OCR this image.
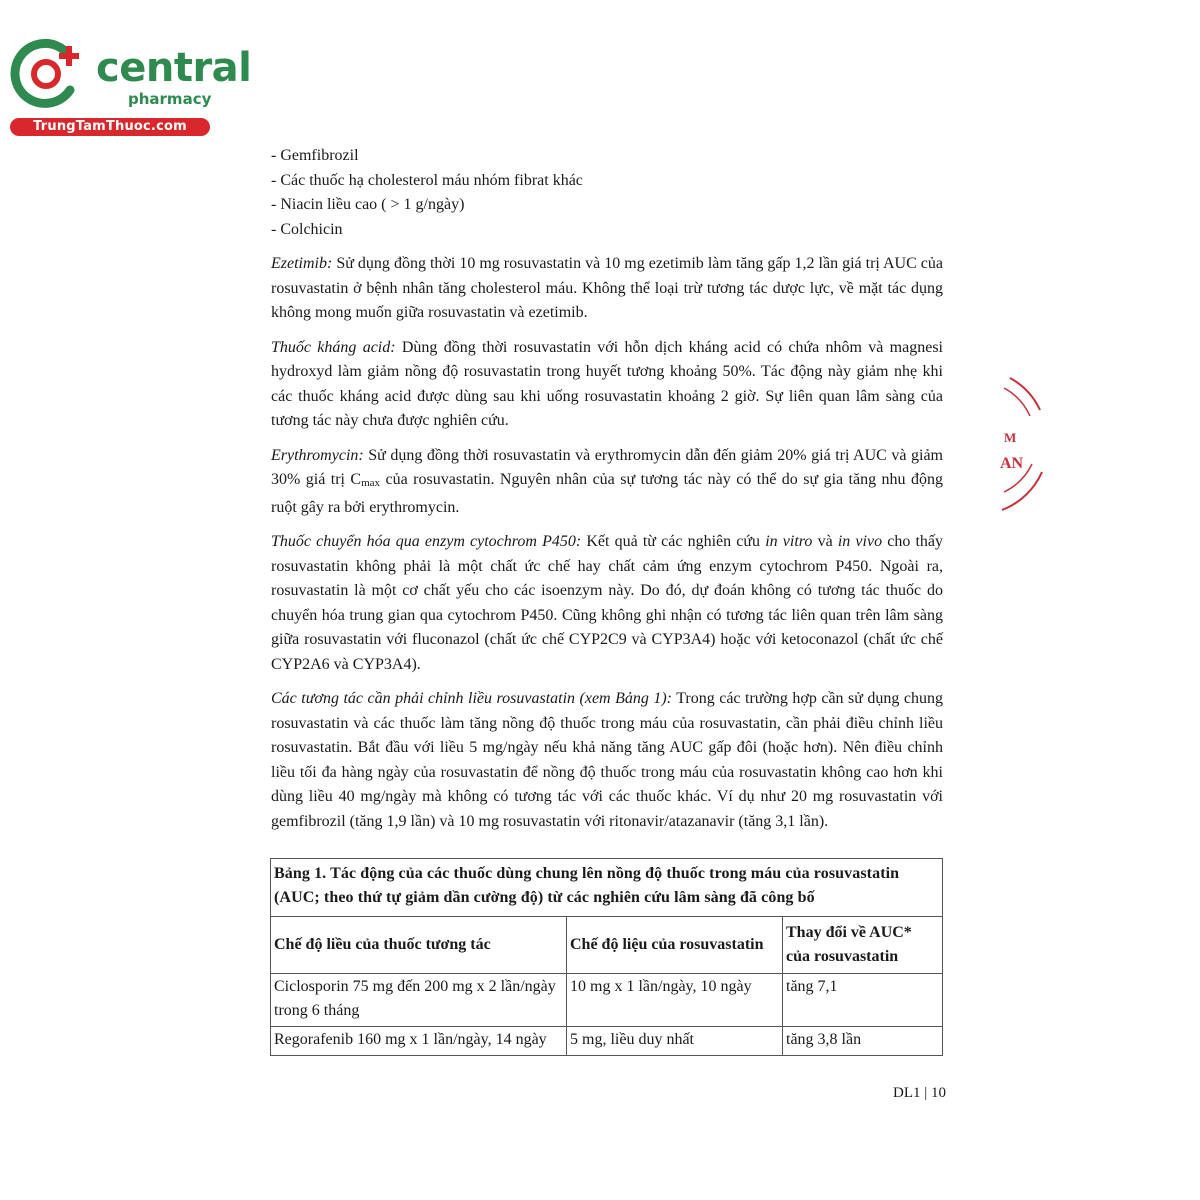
central
pharmacy
TrungTamThuoc.com
- Gemfibrozil
- Các thuốc hạ cholesterol máu nhóm fibrat khác
- Niacin liều cao ( > 1 g/ngày)
- Colchicin

Ezetimib: Sử dụng đồng thời 10 mg rosuvastatin và 10 mg ezetimib làm tăng gấp 1,2 lần giá trị AUC của rosuvastatin ở bệnh nhân tăng cholesterol máu. Không thể loại trừ tương tác dược lực, về mặt tác dụng không mong muốn giữa rosuvastatin và ezetimib.

Thuốc kháng acid: Dùng đồng thời rosuvastatin với hỗn dịch kháng acid có chứa nhôm và magnesi hydroxyd làm giảm nồng độ rosuvastatin trong huyết tương khoảng 50%. Tác động này giảm nhẹ khi các thuốc kháng acid được dùng sau khi uống rosuvastatin khoảng 2 giờ. Sự liên quan lâm sàng của tương tác này chưa được nghiên cứu.

Erythromycin: Sử dụng đồng thời rosuvastatin và erythromycin dẫn đến giảm 20% giá trị AUC và giảm 30% giá trị Cmax của rosuvastatin. Nguyên nhân của sự tương tác này có thể do sự gia tăng nhu động ruột gây ra bởi erythromycin.

Thuốc chuyển hóa qua enzym cytochrom P450: Kết quả từ các nghiên cứu in vitro và in vivo cho thấy rosuvastatin không phải là một chất ức chế hay chất cảm ứng enzym cytochrom P450. Ngoài ra, rosuvastatin là một cơ chất yếu cho các isoenzym này. Do đó, dự đoán không có tương tác thuốc do chuyển hóa trung gian qua cytochrom P450. Cũng không ghi nhận có tương tác liên quan trên lâm sàng giữa rosuvastatin với fluconazol (chất ức chế CYP2C9 và CYP3A4) hoặc với ketoconazol (chất ức chế CYP2A6 và CYP3A4).

Các tương tác cần phải chỉnh liều rosuvastatin (xem Bảng 1): Trong các trường hợp cần sử dụng chung rosuvastatin và các thuốc làm tăng nồng độ thuốc trong máu của rosuvastatin, cần phải điều chỉnh liều rosuvastatin. Bắt đầu với liều 5 mg/ngày nếu khả năng tăng AUC gấp đôi (hoặc hơn). Nên điều chỉnh liều tối đa hàng ngày của rosuvastatin để nồng độ thuốc trong máu của rosuvastatin không cao hơn khi dùng liều 40 mg/ngày mà không có tương tác với các thuốc khác. Ví dụ như 20 mg rosuvastatin với gemfibrozil (tăng 1,9 lần) và 10 mg rosuvastatin với ritonavir/atazanavir (tăng 3,1 lần).

Bảng 1. Tác động của các thuốc dùng chung lên nồng độ thuốc trong máu của rosuvastatin (AUC; theo thứ tự giảm dần cường độ) từ các nghiên cứu lâm sàng đã công bố		
Chế độ liều của thuốc tương tác	Chế độ liệu của rosuvastatin	Thay đổi về AUC* của rosuvastatin
Ciclosporin 75 mg đến 200 mg x 2 lần/ngày trong 6 tháng	10 mg x 1 lần/ngày, 10 ngày	tăng 7,1
Regorafenib 160 mg x 1 lần/ngày, 14 ngày	5 mg, liều duy nhất	tăng 3,8 lần
DL1 | 10
M
AN
